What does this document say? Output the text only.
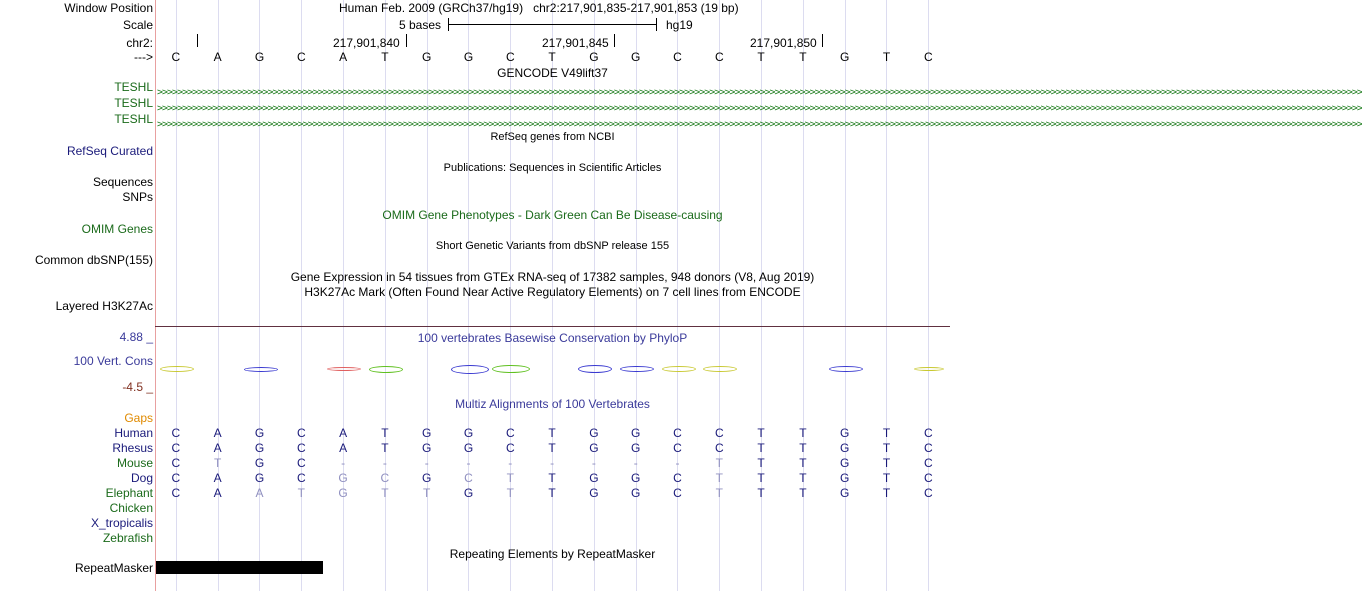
Window Position	Human Feb. 2009 (GRCh37/hg19)   chr2:217,901,835-217,901,853 (19 bp)
Scale	5 bases	hg19
chr2:	217,901,840	217,901,845	217,901,850
--->	C	A	G	C	A	T	G	G	C	T	G	G	C	C	T	T	G	T	C
GENCODE V49lift37
TESHL >>>>>>>>>>>>>>>>>>>>>>>>>>>>>>>>>>>>>>>>>>>>>>>>>>>>>>>>>>>>>>>>>>>>>>>>>>>>>>>>>>>>>>>>>>>>>>>>>>>>>>>>>>>>>>>>>>>>>>>>>>>>>>>>>>>>>>>>>>>>>>>>>>>>>>>>>>>>>>>>>>>>>>>>>>>>>>>>>>>>>>>>>>>>>>>>>>>>>>>>>>>>>>>>>>>>>>>>>>>>>>>>>>>>>>>>>>>>>>>>
TESHL >>>>>>>>>>>>>>>>>>>>>>>>>>>>>>>>>>>>>>>>>>>>>>>>>>>>>>>>>>>>>>>>>>>>>>>>>>>>>>>>>>>>>>>>>>>>>>>>>>>>>>>>>>>>>>>>>>>>>>>>>>>>>>>>>>>>>>>>>>>>>>>>>>>>>>>>>>>>>>>>>>>>>>>>>>>>>>>>>>>>>>>>>>>>>>>>>>>>>>>>>>>>>>>>>>>>>>>>>>>>>>>>>>>>>>>>>>>>>>>>
TESHL >>>>>>>>>>>>>>>>>>>>>>>>>>>>>>>>>>>>>>>>>>>>>>>>>>>>>>>>>>>>>>>>>>>>>>>>>>>>>>>>>>>>>>>>>>>>>>>>>>>>>>>>>>>>>>>>>>>>>>>>>>>>>>>>>>>>>>>>>>>>>>>>>>>>>>>>>>>>>>>>>>>>>>>>>>>>>>>>>>>>>>>>>>>>>>>>>>>>>>>>>>>>>>>>>>>>>>>>>>>>>>>>>>>>>>>>>>>>>>>>
RefSeq genes from NCBI
RefSeq Curated
Publications: Sequences in Scientific Articles
Sequences
SNPs
OMIM Gene Phenotypes - Dark Green Can Be Disease-causing
OMIM Genes
Short Genetic Variants from dbSNP release 155
Common dbSNP(155)
Gene Expression in 54 tissues from GTEx RNA-seq of 17382 samples, 948 donors (V8, Aug 2019)
H3K27Ac Mark (Often Found Near Active Regulatory Elements) on 7 cell lines from ENCODE
Layered H3K27Ac
4.88 _	100 vertebrates Basewise Conservation by PhyloP
100 Vert. Cons
-4.5 _
Multiz Alignments of 100 Vertebrates
Gaps
Human	C	A	G	C	A	T	G	G	C	T	G	G	C	C	T	T	G	T	C
Rhesus	C	A	G	C	A	T	G	G	C	T	G	G	C	C	T	T	G	T	C
Mouse	C	T	G	C	-	-	-	-	-	-	-	-	-	T	T	T	G	T	C
Dog	C	A	G	C	G	C	G	C	T	T	G	G	C	T	T	T	G	T	C
Elephant	C	A	A	T	G	T	T	G	T	T	G	G	C	T	T	T	G	T	C
Chicken
X_tropicalis
Zebrafish
Repeating Elements by RepeatMasker
RepeatMasker
